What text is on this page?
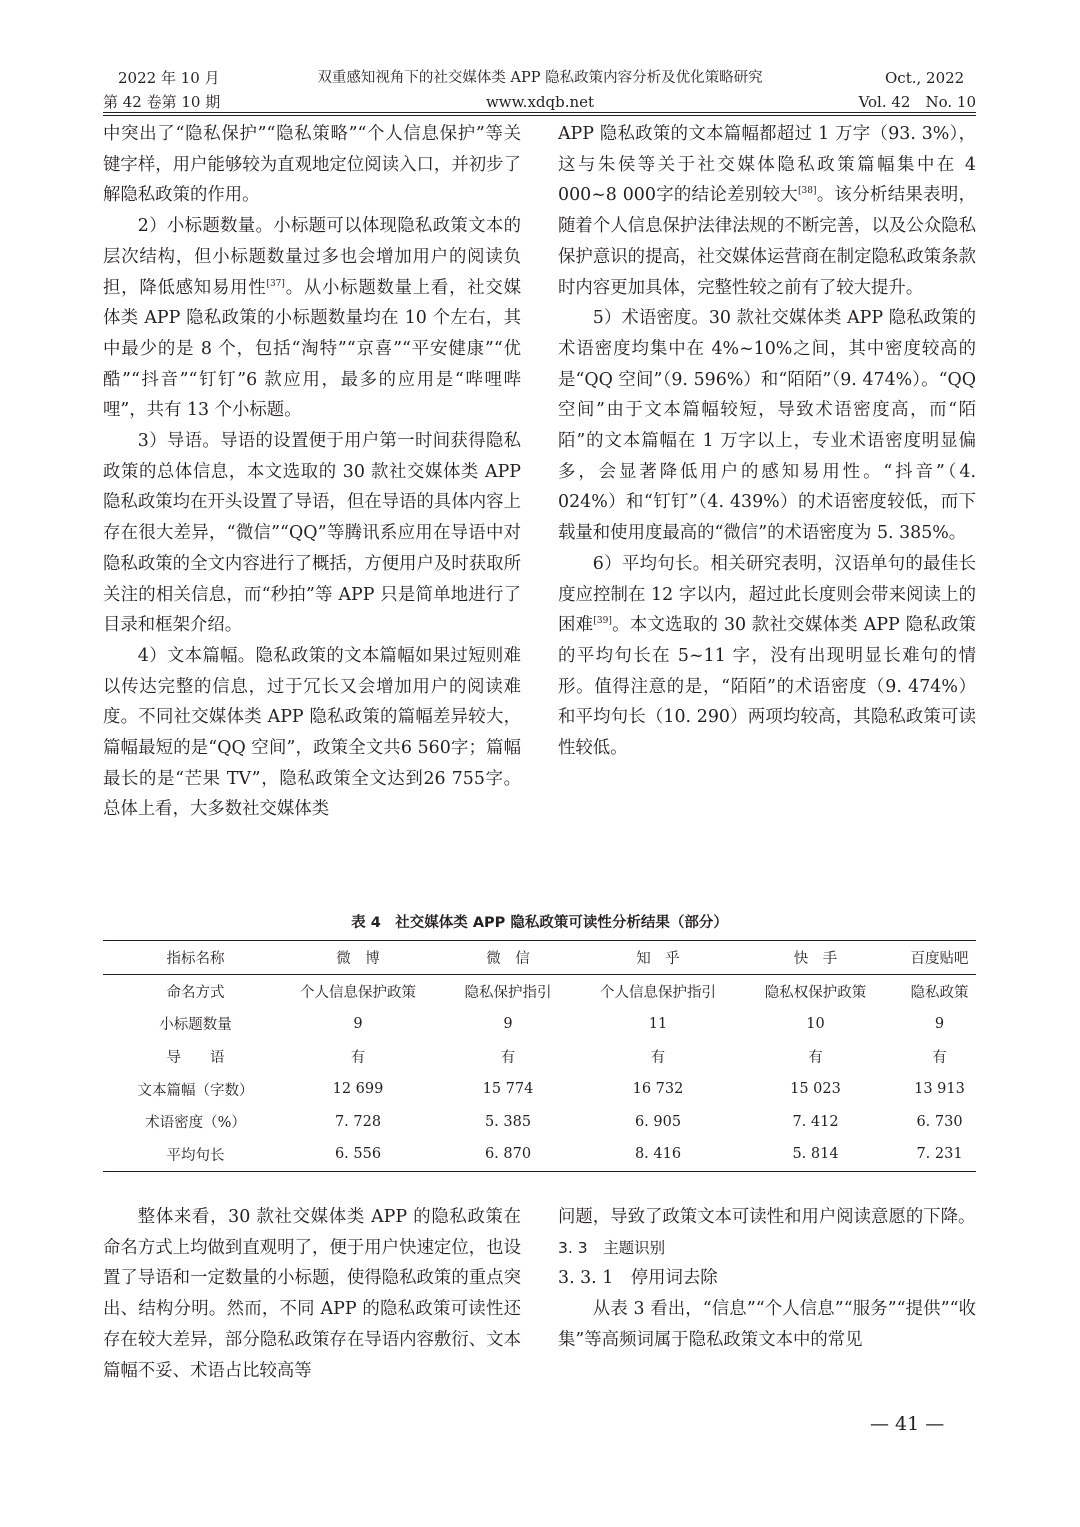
2022 年 10 月
第 42 卷第 10 期
双重感知视角下的社交媒体类 APP 隐私政策内容分析及优化策略研究
www.xdqb.net
Oct., 2022
Vol. 42　No. 10

中突出了“隐私保护”“隐私策略”“个人信息保护”等关键字样，用户能够较为直观地定位阅读入口，并初步了解隐私政策的作用。

2）小标题数量。小标题可以体现隐私政策文本的层次结构，但小标题数量过多也会增加用户的阅读负担，降低感知易用性[37]。从小标题数量上看，社交媒体类 APP 隐私政策的小标题数量均在 10 个左右，其中最少的是 8 个，包括“淘特”“京喜”“平安健康”“优酷”“抖音”“钉钉”6 款应用，最多的应用是“哔哩哔哩”，共有 13 个小标题。

3）导语。导语的设置便于用户第一时间获得隐私政策的总体信息，本文选取的 30 款社交媒体类 APP 隐私政策均在开头设置了导语，但在导语的具体内容上存在很大差异，“微信”“QQ”等腾讯系应用在导语中对隐私政策的全文内容进行了概括，方便用户及时获取所关注的相关信息，而“秒拍”等 APP 只是简单地进行了目录和框架介绍。

4）文本篇幅。隐私政策的文本篇幅如果过短则难以传达完整的信息，过于冗长又会增加用户的阅读难度。不同社交媒体类 APP 隐私政策的篇幅差异较大，篇幅最短的是“QQ 空间”，政策全文共6 560字；篇幅最长的是“芒果 TV”，隐私政策全文达到26 755字。总体上看，大多数社交媒体类

APP 隐私政策的文本篇幅都超过 1 万字（93. 3%），这与朱侯等关于社交媒体隐私政策篇幅集中在 4 000~8 000字的结论差别较大[38]。该分析结果表明，随着个人信息保护法律法规的不断完善，以及公众隐私保护意识的提高，社交媒体运营商在制定隐私政策条款时内容更加具体，完整性较之前有了较大提升。

5）术语密度。30 款社交媒体类 APP 隐私政策的术语密度均集中在 4%~10%之间，其中密度较高的是“QQ 空间”（9. 596%）和“陌陌”（9. 474%）。“QQ 空间”由于文本篇幅较短，导致术语密度高，而“陌陌”的文本篇幅在 1 万字以上，专业术语密度明显偏多，会显著降低用户的感知易用性。“抖音”（4. 024%）和“钉钉”（4. 439%）的术语密度较低，而下载量和使用度最高的“微信”的术语密度为 5. 385%。

6）平均句长。相关研究表明，汉语单句的最佳长度应控制在 12 字以内，超过此长度则会带来阅读上的困难[39]。本文选取的 30 款社交媒体类 APP 隐私政策的平均句长在 5~11 字，没有出现明显长难句的情形。值得注意的是，“陌陌”的术语密度（9. 474%）和平均句长（10. 290）两项均较高，其隐私政策可读性较低。

表 4　社交媒体类 APP 隐私政策可读性分析结果（部分）
指标名称	微　博	微　信	知　乎	快　手	百度贴吧
命名方式	个人信息保护政策	隐私保护指引	个人信息保护指引	隐私权保护政策	隐私政策
小标题数量	9	9	11	10	9
导　　语	有	有	有	有	有
文本篇幅（字数）	12 699	15 774	16 732	15 023	13 913
术语密度（%）	7. 728	5. 385	6. 905	7. 412	6. 730
平均句长	6. 556	6. 870	8. 416	5. 814	7. 231

整体来看，30 款社交媒体类 APP 的隐私政策在命名方式上均做到直观明了，便于用户快速定位，也设置了导语和一定数量的小标题，使得隐私政策的重点突出、结构分明。然而，不同 APP 的隐私政策可读性还存在较大差异，部分隐私政策存在导语内容敷衍、文本篇幅不妥、术语占比较高等

问题，导致了政策文本可读性和用户阅读意愿的下降。

3. 3　主题识别

3. 3. 1　停用词去除

从表 3 看出，“信息”“个人信息”“服务”“提供”“收集”等高频词属于隐私政策文本中的常见

— 41 —
